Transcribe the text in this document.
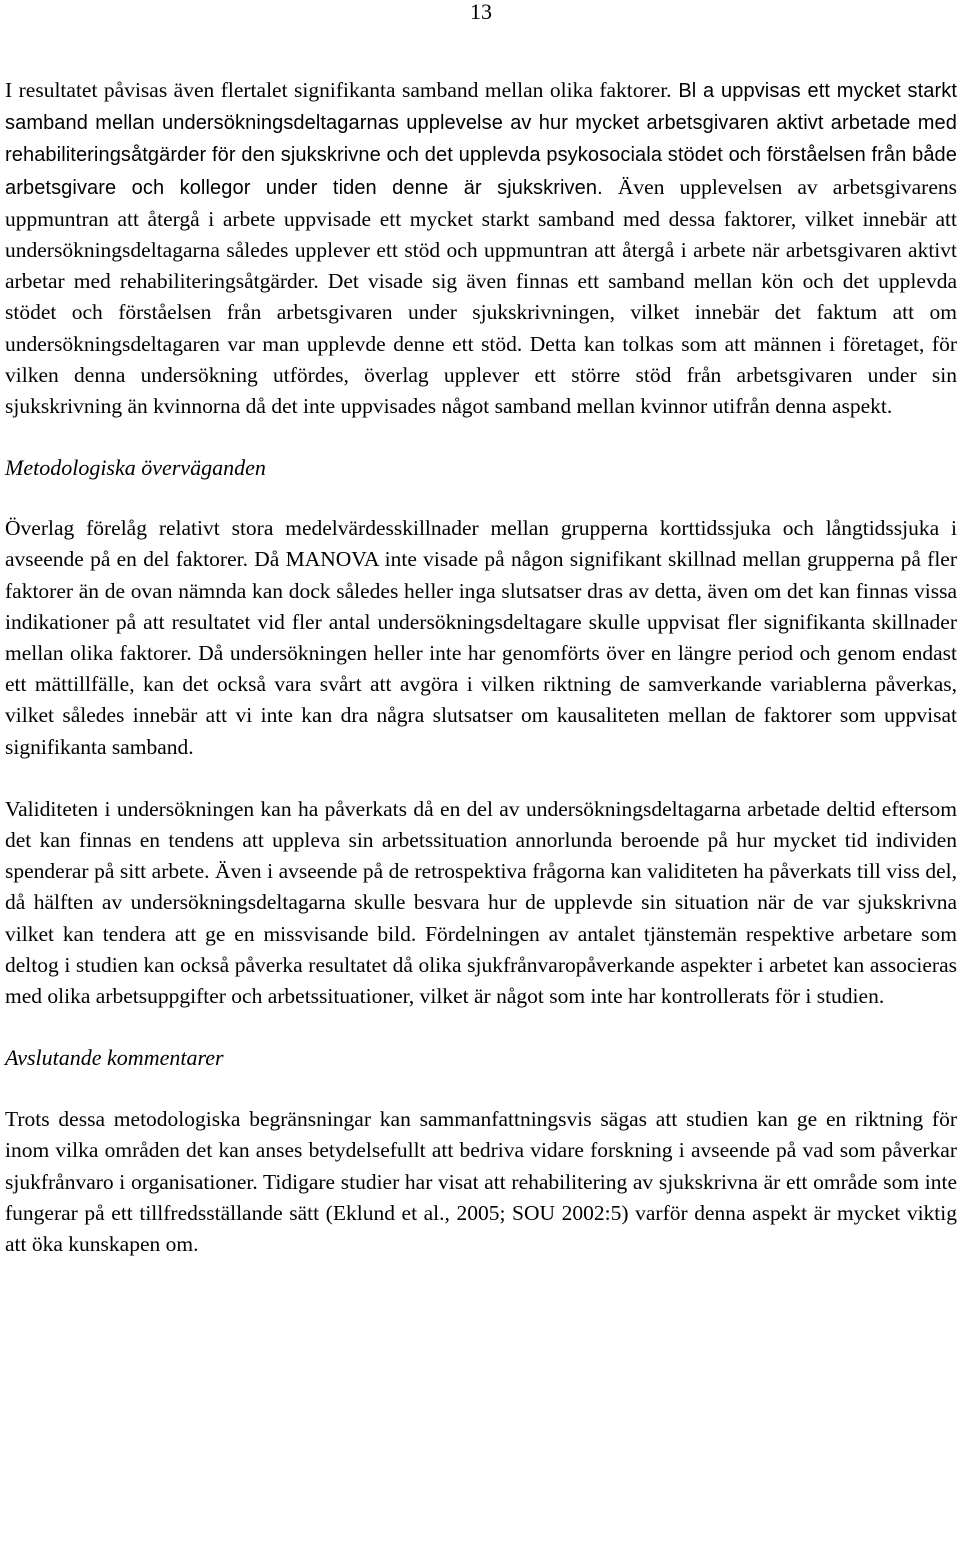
13

I resultatet påvisas även flertalet signifikanta samband mellan olika faktorer. Bl a uppvisas ett mycket starkt samband mellan undersökningsdeltagarnas upplevelse av hur mycket arbetsgivaren aktivt arbetade med rehabiliteringsåtgärder för den sjukskrivne och det upplevda psykosociala stödet och förståelsen från både arbetsgivare och kollegor under tiden denne är sjukskriven. Även upplevelsen av arbetsgivarens uppmuntran att återgå i arbete uppvisade ett mycket starkt samband med dessa faktorer, vilket innebär att undersökningsdeltagarna således upplever ett stöd och uppmuntran att återgå i arbete när arbetsgivaren aktivt arbetar med rehabiliteringsåtgärder. Det visade sig även finnas ett samband mellan kön och det upplevda stödet och förståelsen från arbetsgivaren under sjukskrivningen, vilket innebär det faktum att om undersökningsdeltagaren var man upplevde denne ett stöd. Detta kan tolkas som att männen i företaget, för vilken denna undersökning utfördes, överlag upplever ett större stöd från arbetsgivaren under sin sjukskrivning än kvinnorna då det inte uppvisades något samband mellan kvinnor utifrån denna aspekt.

Metodologiska överväganden

Överlag förelåg relativt stora medelvärdesskillnader mellan grupperna korttidssjuka och långtidssjuka i avseende på en del faktorer. Då MANOVA inte visade på någon signifikant skillnad mellan grupperna på fler faktorer än de ovan nämnda kan dock således heller inga slutsatser dras av detta, även om det kan finnas vissa indikationer på att resultatet vid fler antal undersökningsdeltagare skulle uppvisat fler signifikanta skillnader mellan olika faktorer. Då undersökningen heller inte har genomförts över en längre period och genom endast ett mättillfälle, kan det också vara svårt att avgöra i vilken riktning de samverkande variablerna påverkas, vilket således innebär att vi inte kan dra några slutsatser om kausaliteten mellan de faktorer som uppvisat signifikanta samband.

Validiteten i undersökningen kan ha påverkats då en del av undersökningsdeltagarna arbetade deltid eftersom det kan finnas en tendens att uppleva sin arbetssituation annorlunda beroende på hur mycket tid individen spenderar på sitt arbete. Även i avseende på de retrospektiva frågorna kan validiteten ha påverkats till viss del, då hälften av undersökningsdeltagarna skulle besvara hur de upplevde sin situation när de var sjukskrivna vilket kan tendera att ge en missvisande bild. Fördelningen av antalet tjänstemän respektive arbetare som deltog i studien kan också påverka resultatet då olika sjukfrånvaropåverkande aspekter i arbetet kan associeras med olika arbetsuppgifter och arbetssituationer, vilket är något som inte har kontrollerats för i studien.

Avslutande kommentarer

Trots dessa metodologiska begränsningar kan sammanfattningsvis sägas att studien kan ge en riktning för inom vilka områden det kan anses betydelsefullt att bedriva vidare forskning i avseende på vad som påverkar sjukfrånvaro i organisationer. Tidigare studier har visat att rehabilitering av sjukskrivna är ett område som inte fungerar på ett tillfredsställande sätt (Eklund et al., 2005; SOU 2002:5) varför denna aspekt är mycket viktig att öka kunskapen om.
